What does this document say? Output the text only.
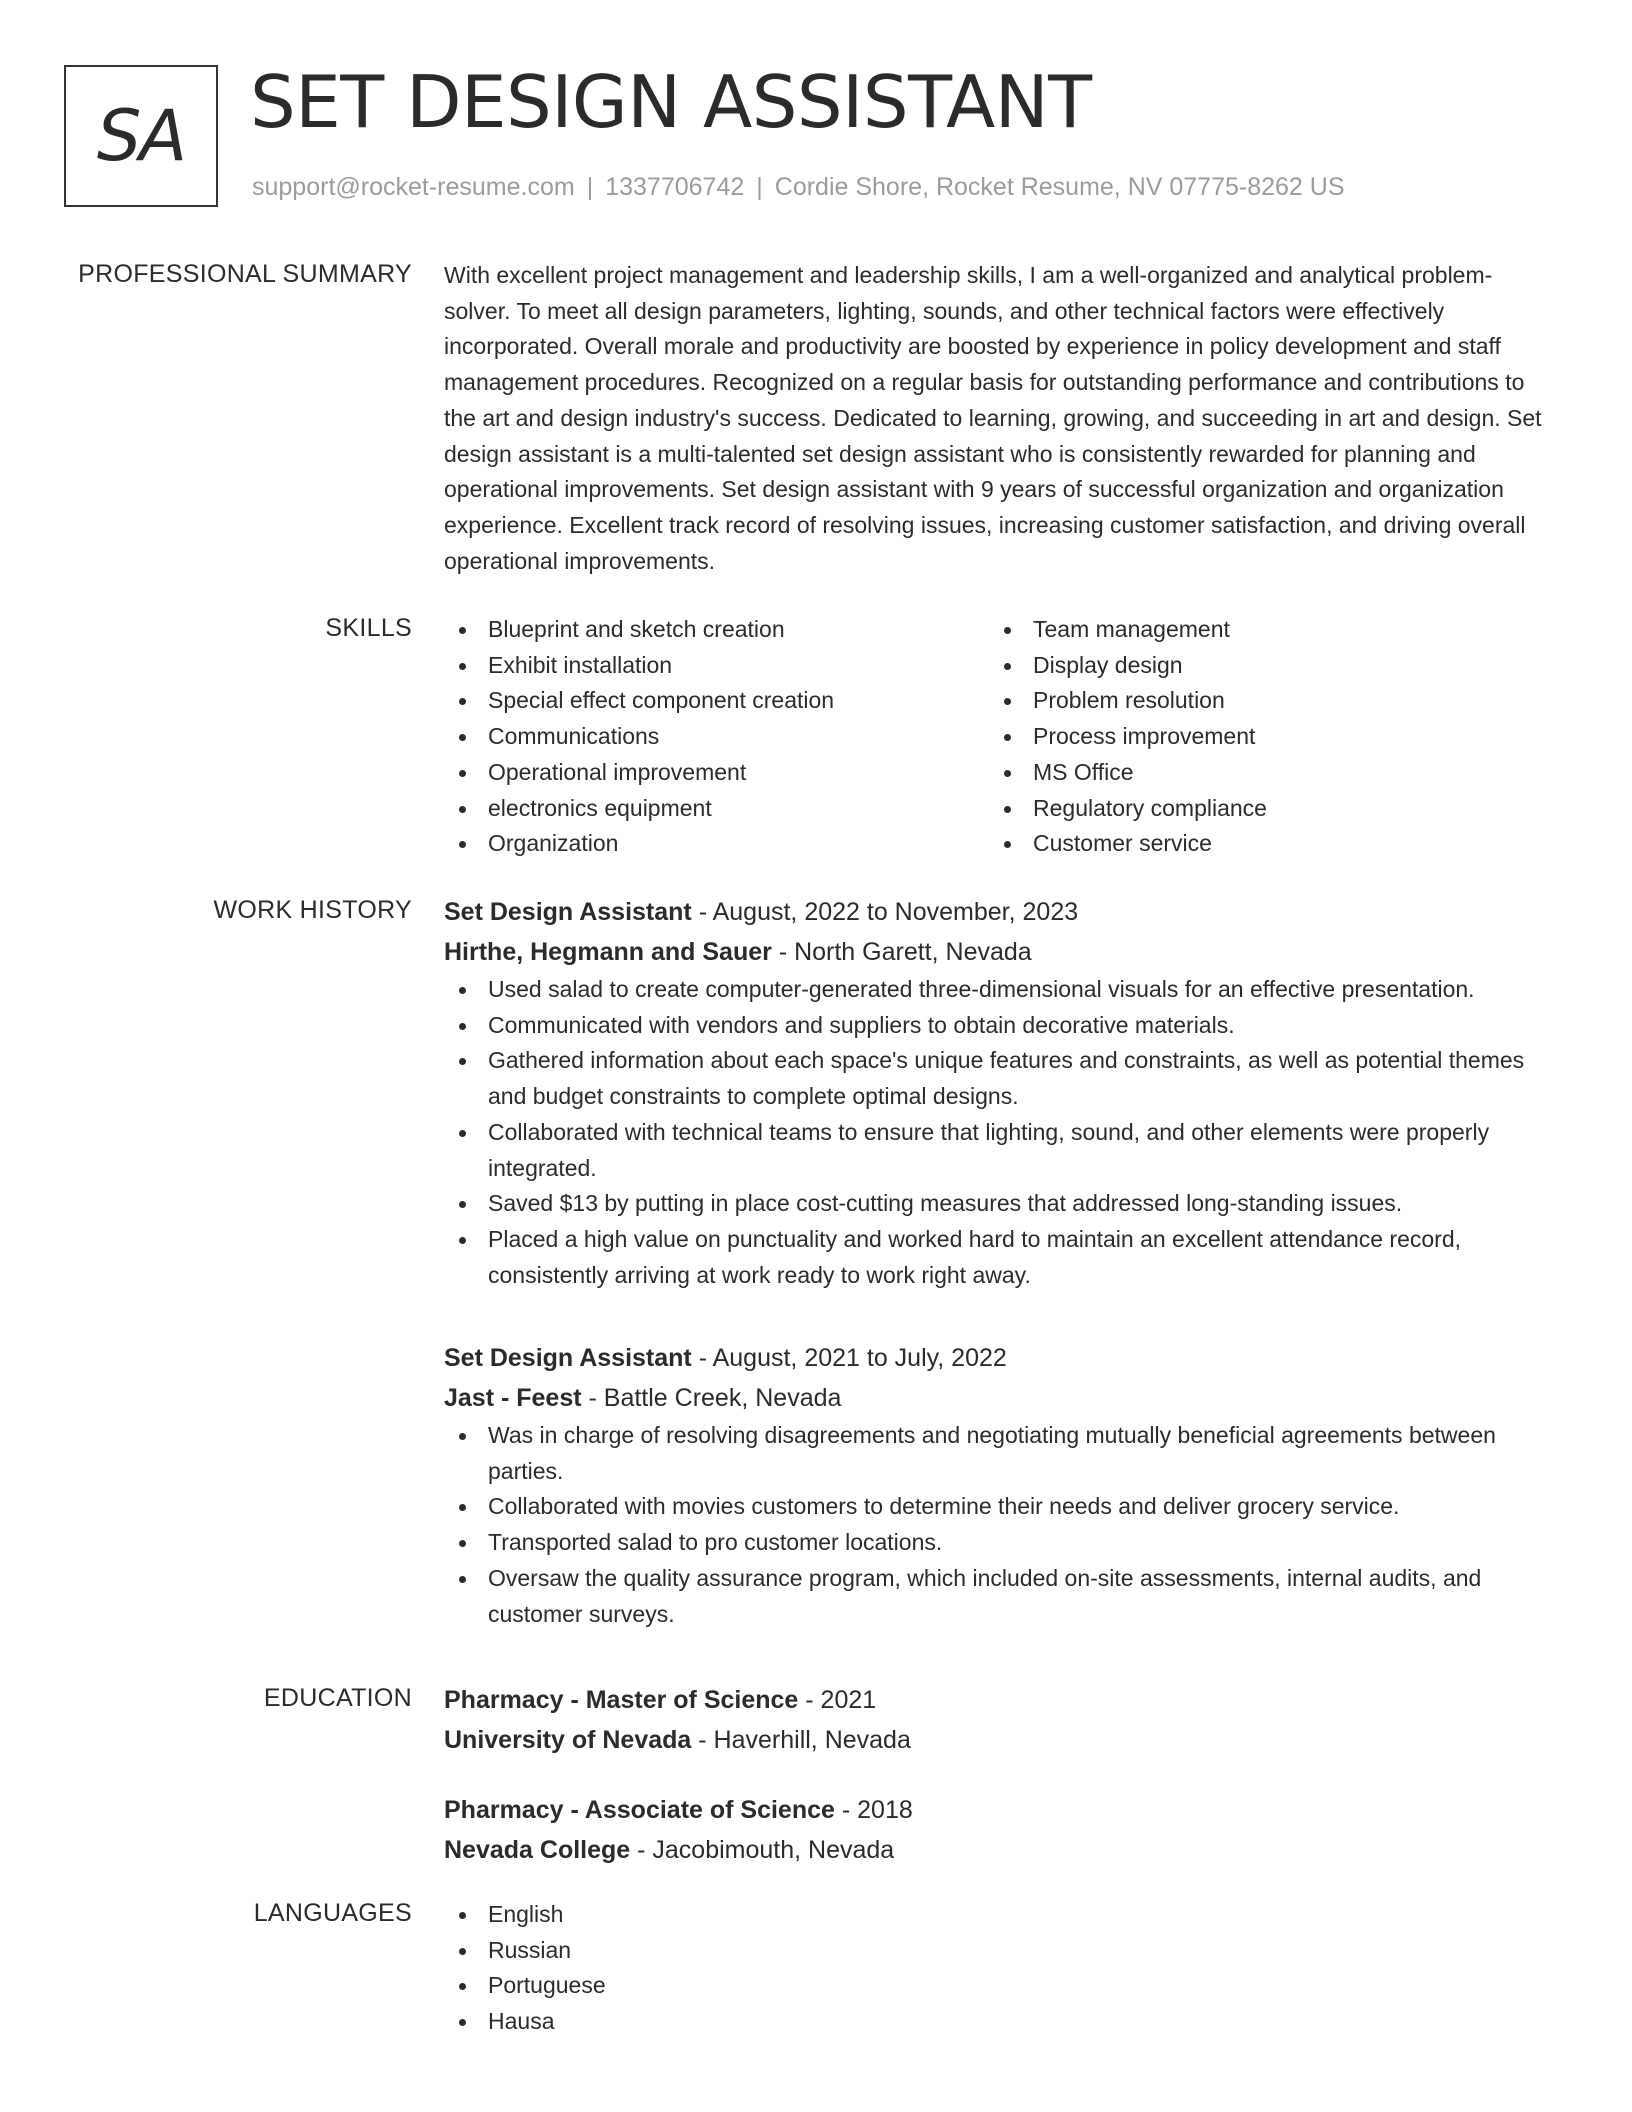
SA SET DESIGN ASSISTANT
support@rocket-resume.com | 1337706742 | Cordie Shore, Rocket Resume, NV 07775-8262 US
PROFESSIONAL SUMMARY With excellent project management and leadership skills, I am a well-organized and analytical problem-solver. To meet all design parameters, lighting, sounds, and other technical factors were effectively incorporated. Overall morale and productivity are boosted by experience in policy development and staff management procedures. Recognized on a regular basis for outstanding performance and contributions to the art and design industry's success. Dedicated to learning, growing, and succeeding in art and design. Set design assistant is a multi-talented set design assistant who is consistently rewarded for planning and operational improvements. Set design assistant with 9 years of successful organization and organization experience. Excellent track record of resolving issues, increasing customer satisfaction, and driving overall operational improvements.

SKILLS	Blueprint and sketch creation
Exhibit installation
Special effect component creation
Communications
Operational improvement
electronics equipment
Organization
Team management
Display design
Problem resolution
Process improvement
MS Office
Regulatory compliance
Customer service
WORK HISTORY Set Design Assistant - August, 2022 to November, 2023
Hirthe, Hegmann and Sauer - North Garett, Nevada
Used salad to create computer-generated three-dimensional visuals for an effective presentation.
Communicated with vendors and suppliers to obtain decorative materials.
Gathered information about each space's unique features and constraints, as well as potential themes and budget constraints to complete optimal designs.
Collaborated with technical teams to ensure that lighting, sound, and other elements were properly integrated.
Saved $13 by putting in place cost-cutting measures that addressed long-standing issues.
Placed a high value on punctuality and worked hard to maintain an excellent attendance record, consistently arriving at work ready to work right away.
Set Design Assistant - August, 2021 to July, 2022
Jast - Feest - Battle Creek, Nevada
Was in charge of resolving disagreements and negotiating mutually beneficial agreements between parties.
Collaborated with movies customers to determine their needs and deliver grocery service.
Transported salad to pro customer locations.
Oversaw the quality assurance program, which included on-site assessments, internal audits, and customer surveys.
EDUCATION Pharmacy - Master of Science - 2021
University of Nevada - Haverhill, Nevada
Pharmacy - Associate of Science - 2018
Nevada College - Jacobimouth, Nevada
LANGUAGES	English
Russian
Portuguese
Hausa
